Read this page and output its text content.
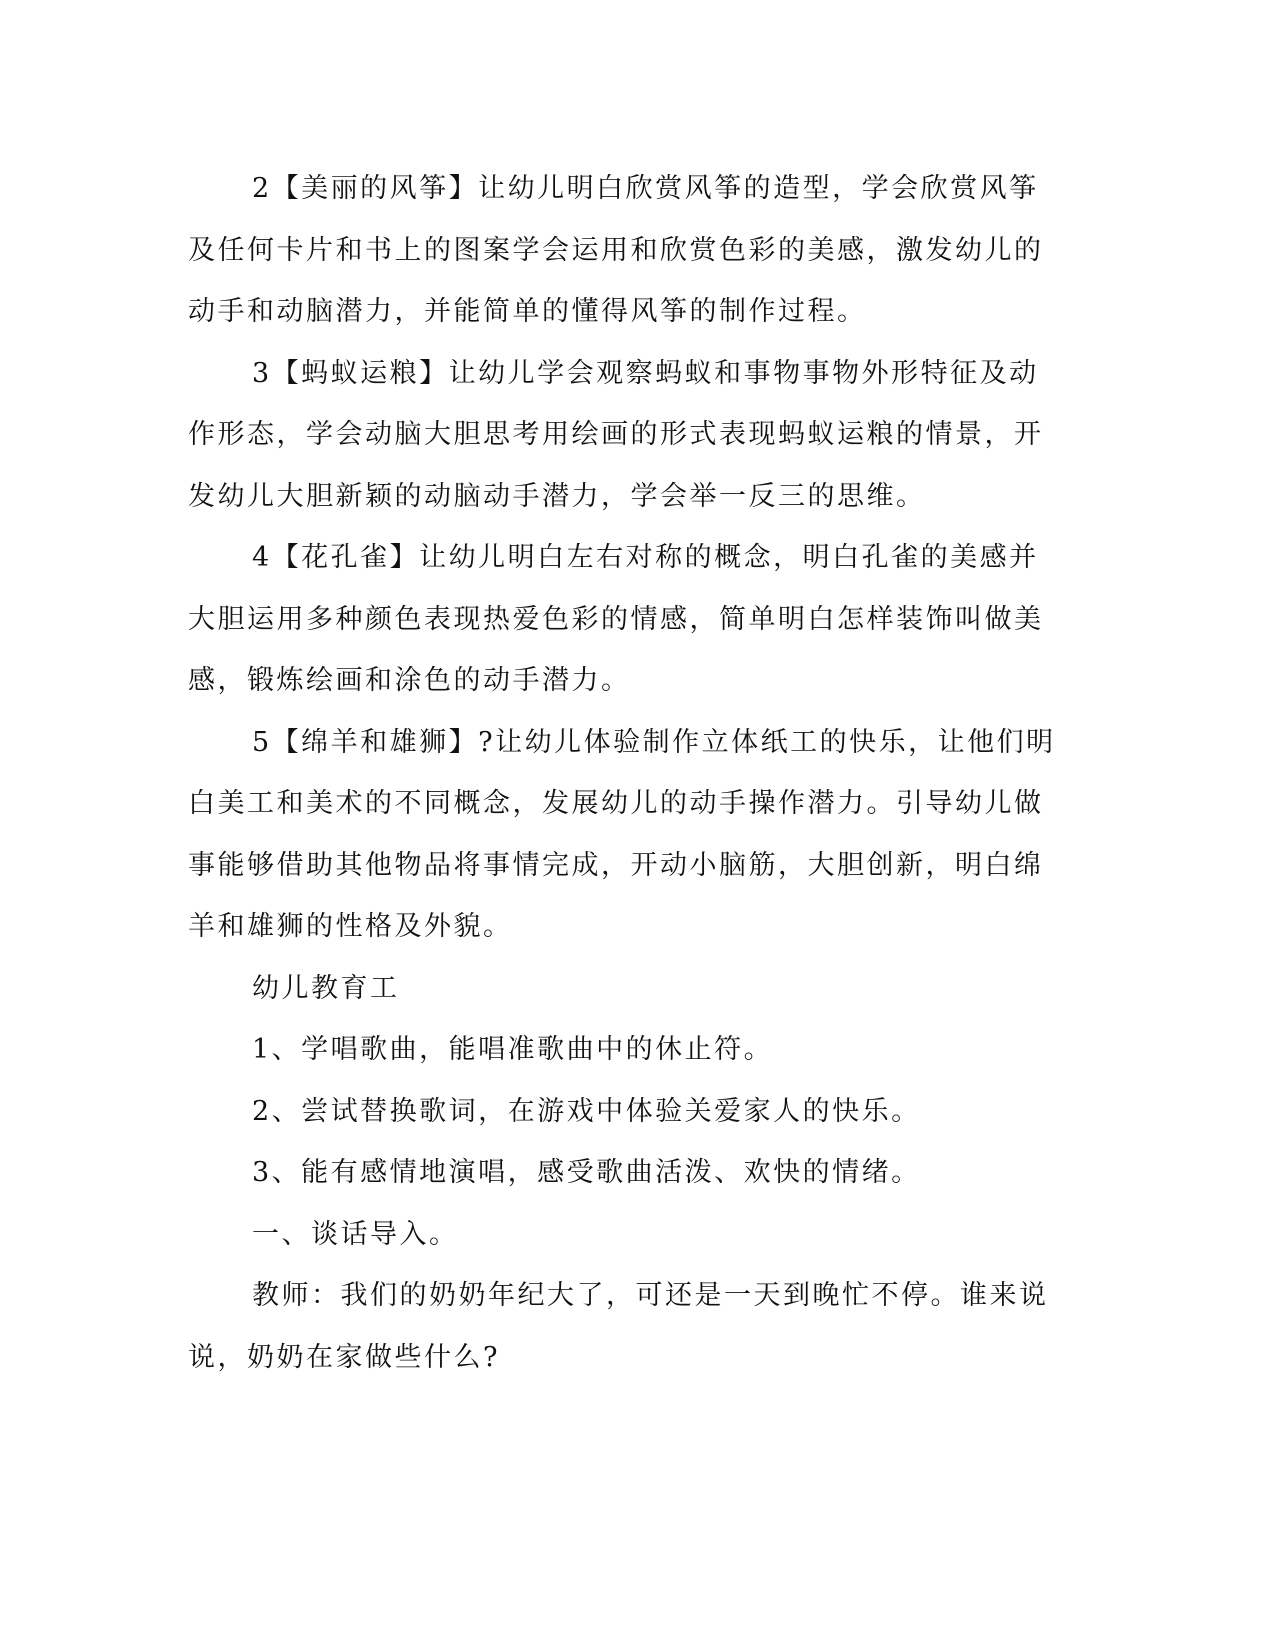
2【美丽的风筝】让幼儿明白欣赏风筝的造型，学会欣赏风筝及任何卡片和书上的图案学会运用和欣赏色彩的美感，激发幼儿的动手和动脑潜力，并能简单的懂得风筝的制作过程。

3【蚂蚁运粮】让幼儿学会观察蚂蚁和事物事物外形特征及动作形态，学会动脑大胆思考用绘画的形式表现蚂蚁运粮的情景，开发幼儿大胆新颖的动脑动手潜力，学会举一反三的思维。

4【花孔雀】让幼儿明白左右对称的概念，明白孔雀的美感并大胆运用多种颜色表现热爱色彩的情感，简单明白怎样装饰叫做美感，锻炼绘画和涂色的动手潜力。

5【绵羊和雄狮】?让幼儿体验制作立体纸工的快乐，让他们明白美工和美术的不同概念，发展幼儿的动手操作潜力。引导幼儿做事能够借助其他物品将事情完成，开动小脑筋，大胆创新，明白绵羊和雄狮的性格及外貌。

幼儿教育工

1、学唱歌曲，能唱准歌曲中的休止符。

2、尝试替换歌词，在游戏中体验关爱家人的快乐。

3、能有感情地演唱，感受歌曲活泼、欢快的情绪。

一、谈话导入。

教师：我们的奶奶年纪大了，可还是一天到晚忙不停。谁来说说，奶奶在家做些什么?
